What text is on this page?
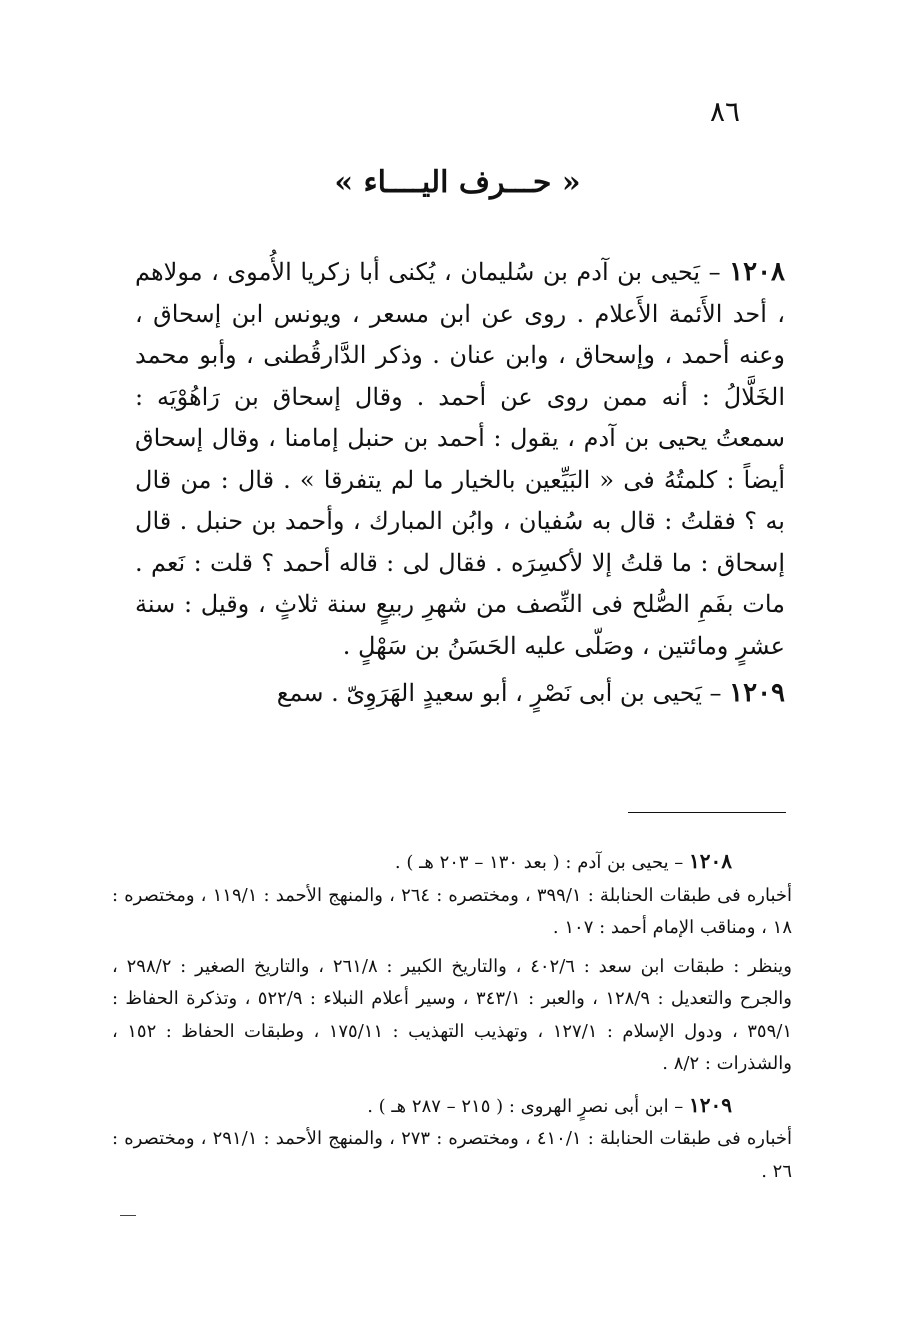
٨٦
« حـــرف اليــــاء »

١٢٠٨ – يَحيى بن آدم بن سُليمان ، يُكنى أبا زكريا الأُموى ، مولاهم ، أحد الأَئمة الأَعلام . روى عن ابن مسعر ، ويونس ابن إسحاق ، وعنه أحمد ، وإسحاق ، وابن عنان . وذكر الدَّارقُطنى ، وأبو محمد الخَلَّالُ : أنه ممن روى عن أحمد . وقال إسحاق بن رَاهُوْيَه : سمعتُ يحيى بن آدم ، يقول : أحمد بن حنبل إمامنا ، وقال إسحاق أيضاً : كلمتُهُ فى « البَيِّعين بالخيار ما لم يتفرقا » . قال : من قال به ؟ فقلتُ : قال به سُفيان ، وابُن المبارك ، وأحمد بن حنبل . قال إسحاق : ما قلتُ إلا لأكسِرَه . فقال لى : قاله أحمد ؟ قلت : نَعم . مات بفَمِ الصُّلح فى النِّصف من شهرِ ربيعٍ سنة ثلاثٍ ، وقيل : سنة عشرٍ ومائتين ، وصَلّى عليه الحَسَنُ بن سَهْلٍ .

١٢٠٩ – يَحيى بن أبى نَصْرٍ ، أبو سعيدٍ الهَرَوِىّ . سمع

١٢٠٨ – يحيى بن آدم : ( بعد ١٣٠ – ٢٠٣ هـ ) .

أخباره فى طبقات الحنابلة : ٣٩٩/١ ، ومختصره : ٢٦٤ ، والمنهج الأحمد : ١١٩/١ ، ومختصره : ١٨ ، ومناقب الإمام أحمد : ١٠٧ .

وينظر : طبقات ابن سعد : ٤٠٢/٦ ، والتاريخ الكبير : ٢٦١/٨ ، والتاريخ الصغير : ٢٩٨/٢ ، والجرح والتعديل : ١٢٨/٩ ، والعبر : ٣٤٣/١ ، وسير أعلام النبلاء : ٥٢٢/٩ ، وتذكرة الحفاظ : ٣٥٩/١ ، ودول الإسلام : ١٢٧/١ ، وتهذيب التهذيب : ١٧٥/١١ ، وطبقات الحفاظ : ١٥٢ ، والشذرات : ٨/٢ .

١٢٠٩ – ابن أبى نصرٍ الهروى : ( ٢١٥ – ٢٨٧ هـ ) .

أخباره فى طبقات الحنابلة : ٤١٠/١ ، ومختصره : ٢٧٣ ، والمنهج الأحمد : ٢٩١/١ ، ومختصره : ٢٦ .
